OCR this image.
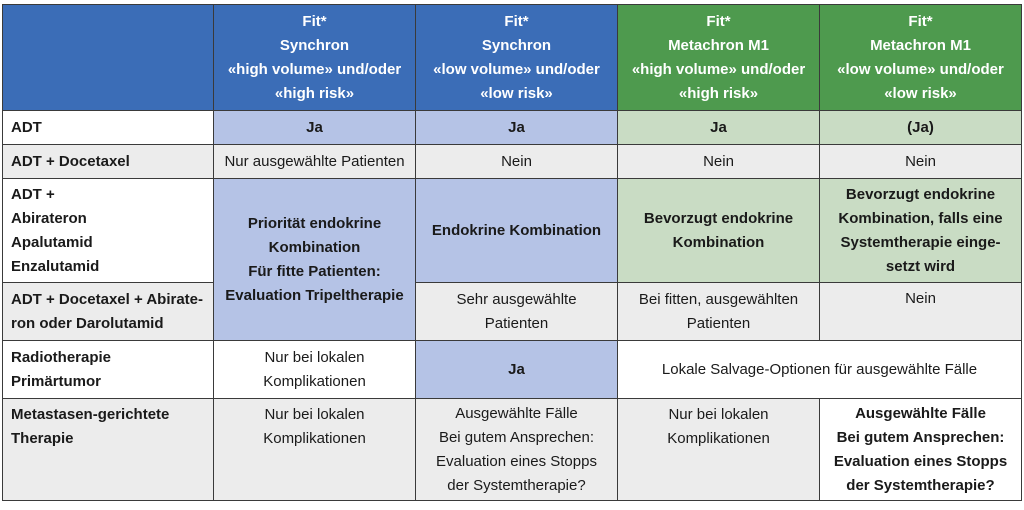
	Fit*
Synchron
«high volume» und/oder
«high risk»	Fit*
Synchron
«low volume» und/oder
«low risk»	Fit*
Metachron M1
«high volume» und/oder
«high risk»	Fit*
Metachron M1
«low volume» und/oder
«low risk»

ADT	Ja	Ja	Ja	(Ja)
ADT + Docetaxel	Nur ausgewählte Patienten	Nein	Nein	Nein

ADT +
Abirateron
Apalutamid
Enzalutamid	Priorität endokrine
Kombination
Für fitte Patienten:
Evaluation Tripeltherapie	Endokrine Kombination	Bevorzugt endokrine
Kombination	Bevorzugt endokrine
Kombination, falls eine
Systemtherapie einge-
setzt wird

ADT + Docetaxel + Abirate-
ron oder Darolutamid		Sehr ausgewählte
Patienten	Bei fitten, ausgewählten
Patienten	Nein

Radiotherapie
Primärtumor	Nur bei lokalen
Komplikationen	Ja	Lokale Salvage-Optionen für ausgewählte Fälle	

Metastasen-gerichtete
Therapie	Nur bei lokalen
Komplikationen	Ausgewählte Fälle
Bei gutem Ansprechen:
Evaluation eines Stopps
der Systemtherapie?	Nur bei lokalen
Komplikationen	Ausgewählte Fälle
Bei gutem Ansprechen:
Evaluation eines Stopps
der Systemtherapie?
